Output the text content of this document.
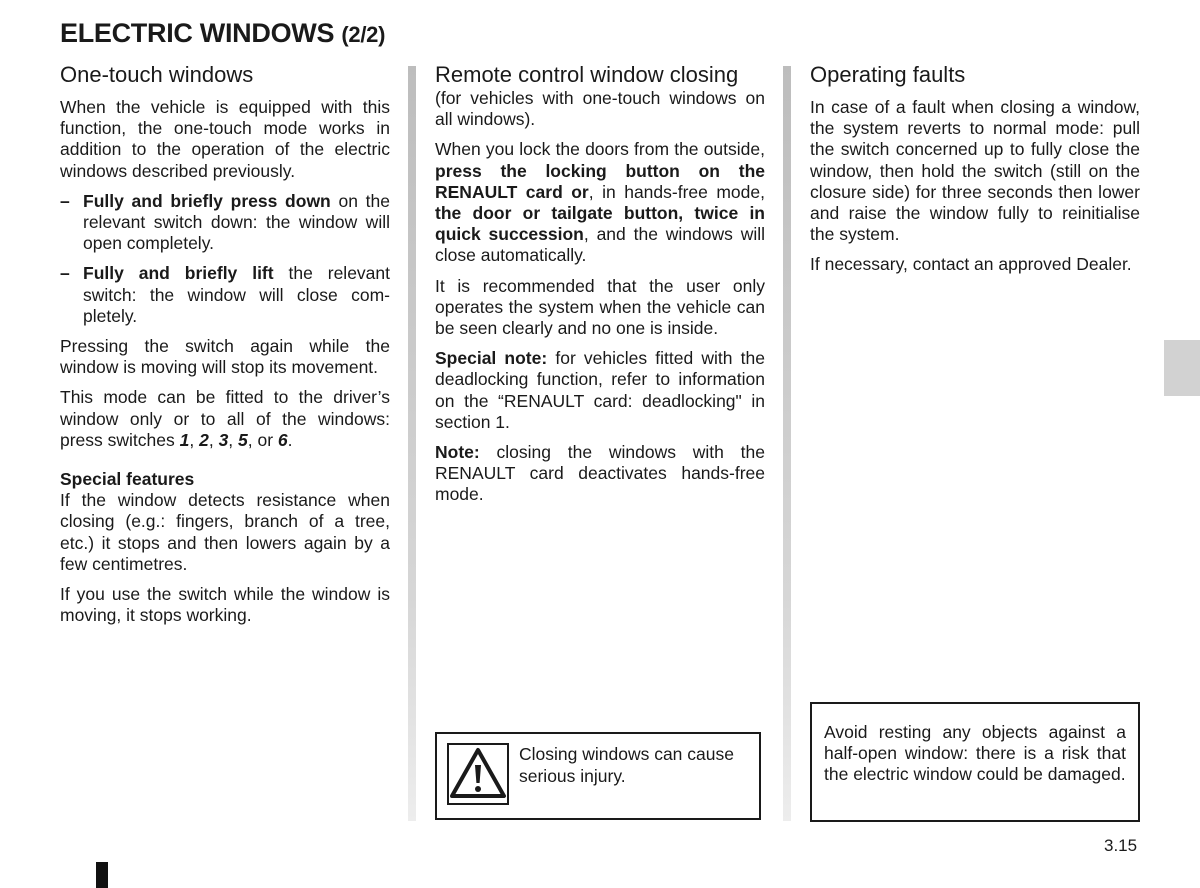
ELECTRIC WINDOWS (2/2)
One-touch windows

When the vehicle is equipped with this function, the one-touch mode works in addition to the operation of the electric windows described previously.

– Fully and briefly press down on the relevant switch down: the window will open completely.
– Fully and briefly lift the relevant switch: the window will close completely.

Pressing the switch again while the window is moving will stop its movement.

This mode can be fitted to the driver’s window only or to all of the windows: press switches 1, 2, 3, 5, or 6.

Special features

If the window detects resistance when closing (e.g.: fingers, branch of a tree, etc.) it stops and then lowers again by a few centimetres.

If you use the switch while the window is moving, it stops working.

Remote control window closing

(for vehicles with one-touch windows on all windows).

When you lock the doors from the outside, press the locking button on the RENAULT card or, in hands-free mode, the door or tailgate button, twice in quick succession, and the windows will close automatically.

It is recommended that the user only operates the system when the vehicle can be seen clearly and no one is inside.

Special note: for vehicles fitted with the deadlocking function, refer to information on the “RENAULT card: deadlocking" in section 1.

Note: closing the windows with the RENAULT card deactivates hands-free mode.

Closing windows can cause serious injury.
Operating faults

In case of a fault when closing a window, the system reverts to normal mode: pull the switch concerned up to fully close the window, then hold the switch (still on the closure side) for three seconds then lower and raise the window fully to reinitialise the system.

If necessary, contact an approved Dealer.

Avoid resting any objects against a half-open window: there is a risk that the electric window could be damaged.
3.15
